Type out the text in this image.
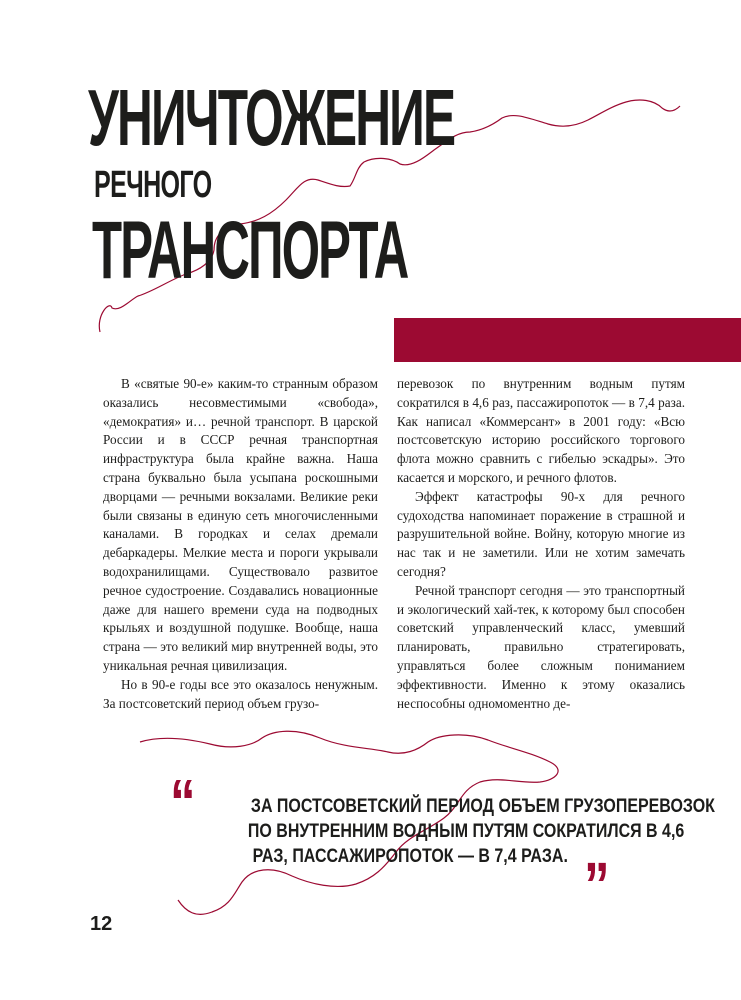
УНИЧТОЖЕНИЕ
РЕЧНОГО
ТРАНСПОРТА

В «святые 90-е» каким-то странным образом оказались несовместимыми «свобода», «демократия» и… речной транспорт. В царской России и в СССР речная транспортная инфраструктура была крайне важна. Наша страна буквально была усыпана роскошными дворцами — речными вокзалами. Великие реки были связаны в единую сеть многочисленными каналами. В городках и селах дремали дебаркадеры. Мелкие места и пороги укрывали водохранилищами. Существовало развитое речное судостроение. Создавались новационные даже для нашего времени суда на подводных крыльях и воздушной подушке. Вообще, наша страна — это великий мир внутренней воды, это уникальная речная цивилизация.

Но в 90-е годы все это оказалось ненужным. За постсоветский период объем грузо-

перевозок по внутренним водным путям сократился в 4,6 раз, пассажиропоток — в 7,4 раза. Как написал «Коммерсант» в 2001 году: «Всю постсоветскую историю российского торгового флота можно сравнить с гибелью эскадры». Это касается и морского, и речного флотов.

Эффект катастрофы 90-х для речного судоходства напоминает поражение в страшной и разрушительной войне. Войну, которую многие из нас так и не заметили. Или не хотим замечать сегодня?

Речной транспорт сегодня — это транспортный и экологический хай-тек, к которому был способен советский управленческий класс, умевший планировать, правильно стратегировать, управляться более сложным пониманием эффективности. Именно к этому оказались неспособны одномоментно де-

“	ЗА ПОСТСОВЕТСКИЙ ПЕРИОД ОБЪЕМ ГРУЗОПЕРЕВОЗОК
ПО ВНУТРЕННИМ ВОДНЫМ ПУТЯМ СОКРАТИЛСЯ В 4,6
РАЗ, ПАССАЖИРОПОТОК — В 7,4 РАЗА. ”
12
